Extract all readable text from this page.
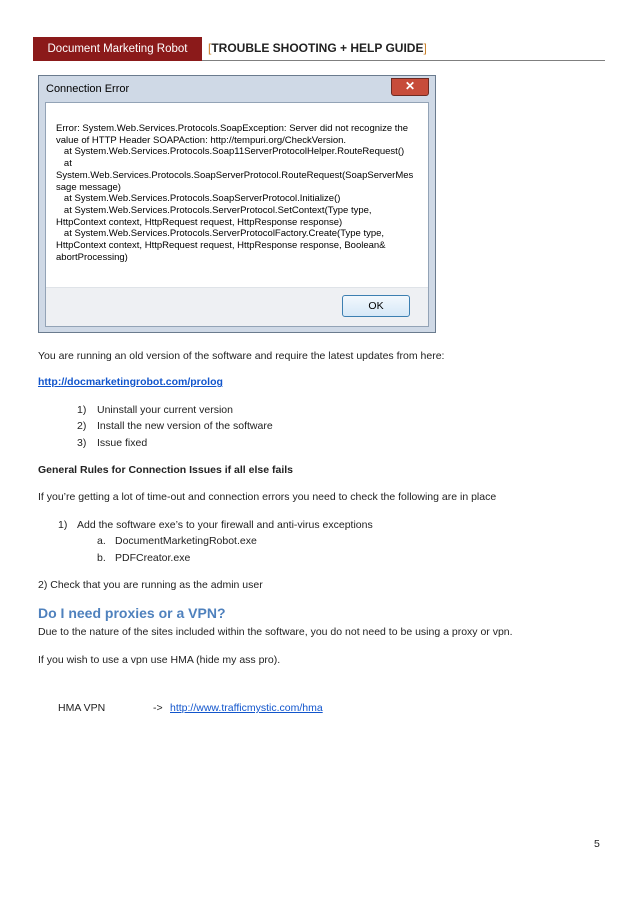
Document Marketing Robot	[TROUBLE SHOOTING + HELP GUIDE]
Connection Error	✕
Error: System.Web.Services.Protocols.SoapException: Server did not recognize the
value of HTTP Header SOAPAction: http://tempuri.org/CheckVersion.
at System.Web.Services.Protocols.Soap11ServerProtocolHelper.RouteRequest()
at
System.Web.Services.Protocols.SoapServerProtocol.RouteRequest(SoapServerMes
sage message)
at System.Web.Services.Protocols.SoapServerProtocol.Initialize()
at System.Web.Services.Protocols.ServerProtocol.SetContext(Type type,
HttpContext context, HttpRequest request, HttpResponse response)
at System.Web.Services.Protocols.ServerProtocolFactory.Create(Type type,
HttpContext context, HttpRequest request, HttpResponse response, Boolean&
abortProcessing)
OK
You are running an old version of the software and require the latest updates from here:
http://docmarketingrobot.com/prolog
1) Uninstall your current version
2) Install the new version of the software
3) Issue fixed
General Rules for Connection Issues if all else fails
If you’re getting a lot of time-out and connection errors you need to check the following are in place
1) Add the software exe’s to your firewall and anti-virus exceptions
a. DocumentMarketingRobot.exe
b. PDFCreator.exe
2) Check that you are running as the admin user
Do I need proxies or a VPN?
Due to the nature of the sites included within the software, you do not need to be using a proxy or vpn.
If you wish to use a vpn use HMA (hide my ass pro).
HMA VPN	-> http://www.trafficmystic.com/hma
5
